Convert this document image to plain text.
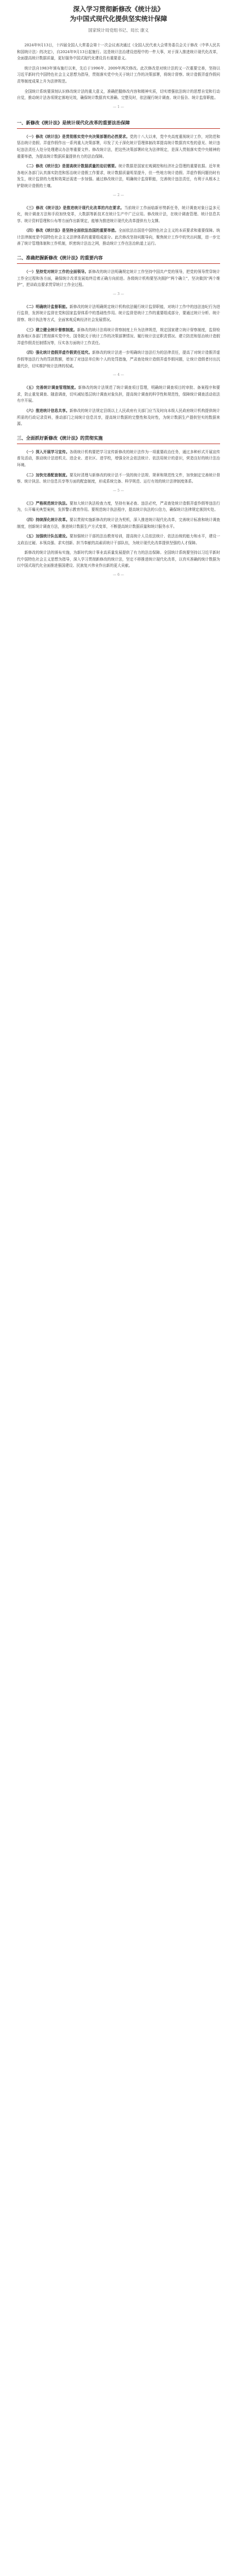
深入学习贯彻新修改《统计法》
为中国式现代化提供坚实统计保障
国家统计局党组书记、局长 康义

2024年9月13日，十四届全国人大常委会第十一次会议表决通过《全国人民代表大会常务委员会关于修改〈中华人民共和国统计法〉的决定》，自2024年9月13日起施行。这是统计法治建设进程中的一件大事，对于深入推进统计现代化改革，全面提高统计数据质量，更好服务中国式现代化建设具有重要意义。

统计法自1983年颁布施行以来，先后于1996年、2009年两次修改。此次修改是对统计法的又一次重要完善，坚持以习近平新时代中国特色社会主义思想为指导，贯彻落实党中央关于统计工作的决策部署，将统计督察、统计造假弄虚作假问责等制度成果上升为法律规范。

全国统计系统要深刻认识修改统计法的重大意义，准确把握修改内容和精神实质，切实增强依法统计的思想自觉和行动自觉，推动统计法各项规定落地见效，确保统计数据真实准确、完整及时，依法履行统计调查、统计报告、统计监督职能。

— 1 —
一、新修改《统计法》是统计现代化改革的重要法治保障

（一）修改《统计法》是贯彻落实党中央决策部署的必然要求。党的十八大以来，党中央高度重视统计工作，对防范和惩治统计造假、弄虚作假作出一系列重大决策部署，印发了关于深化统计管理体制改革提高统计数据真实性的意见、统计违纪违法责任人处分处理建议办法等重要文件。修改统计法，把这些决策部署转化为法律规定，是深入贯彻落实党中央精神的重要举措，为提高统计数据质量提供有力的法治保障。

（二）修改《统计法》是提高统计数据质量的迫切需要。统计数据是国家宏观调控和经济社会管理的重要依据。近年来各地区各部门认真落实防范和惩治统计造假工作要求，统计数据质量明显提升，但一些地方统计造假、弄虚作假问题仍时有发生，统计监督的力度和效果还需进一步加强。通过修改统计法，明确统计监督职能，完善统计违法责任，有利于从根本上铲除统计造假的土壤。

— 2 —

（三）修改《统计法》是推进统计现代化改革的内在要求。当前统计工作面临新形势新任务，统计调查对象日益多元化，统计调查方法和手段加快变革，大数据等新技术在统计生产中广泛应用。修改统计法，在统计调查管理、统计信息共享、统计资料管理和公布等方面作出新规定，能够为推进统计现代化改革提供有力支撑。

（四）修改《统计法》是坚持全面依法治国的重要举措。全面依法治国是中国特色社会主义的本质要求和重要保障。统计法律制度是中国特色社会主义法律体系的重要组成部分。此次修改坚持问题导向，聚焦统计工作中的突出问题，进一步完善了统计管理体制和工作机制，织密统计法治之网，推动统计工作在法治轨道上运行。

二、准确把握新修改《统计法》的重要内容

（一）坚持党对统计工作的全面领导。新修改的统计法明确规定统计工作坚持中国共产党的领导，把党的领导贯穿统计工作全过程和各方面，确保统计改革发展始终沿着正确方向前进。各级统计机构要坚决拥护“两个确立”，坚决做到“两个维护”，把讲政治要求贯穿统计工作全过程。

— 3 —

（二）明确统计监督职能。新修改的统计法明确规定统计机构依法履行统计监督职能，对统计工作中的违法违纪行为进行监督，发挥统计监督在党和国家监督体系中的基础性作用。统计监督是统计工作的重要组成部分，要通过统计分析、统计督察、统计执法等方式，全面客观反映经济社会发展情况。

（三）建立健全统计督察制度。新修改的统计法将统计督察制度上升为法律规范，规定国家建立统计督察制度，监督检查各地区各部门贯彻落实党中央、国务院关于统计工作的决策部署情况、履行统计法定职责情况、建立防范和惩治统计造假弄虚作假责任制情况等，压实各方面统计工作责任。

（四）强化统计造假弄虚作假责任追究。新修改的统计法进一步明确统计违法行为的法律责任，提高了对统计造假弄虚作假等违法行为的罚款数额，增加了对违法单位和个人的处罚措施，严肃查处统计造假弄虚作假问题，让统计造假者付出沉重代价，切实维护统计法律的权威。

— 4 —

（五）完善统计调查管理制度。新修改的统计法规范了统计调查项目管理，明确统计调查项目的审批、备案程序和要求，防止重复调查、随意调查，切实减轻基层统计调查对象负担，提高统计调查的科学性和规范性，保障统计调查活动依法有序开展。

（六）推进统计信息共享。新修改的统计法规定县级以上人民政府有关部门应当及时向本级人民政府统计机构提供统计所需的行政记录资料，推动部门之间统计信息共享，提高统计数据的完整性和及时性，为统计数据生产提供坚实的数据来源。

三、全面抓好新修改《统计法》的贯彻实施

（一）深入开展学习宣传。各级统计机构要把学习宣传新修改的统计法作为一项重要政治任务，通过多种形式开展宣传普及活动，推动统计法进机关、进企业、进社区、进学校，增强全社会依法统计、依法用统计的意识，营造良好的统计法治环境。

（二）加快完善配套制度。要及时清理与新修改的统计法不一致的统计法规、规章和规范性文件，加快制定完善统计督察、统计执法、统计信息共享等方面的配套制度，形成系统完备、科学规范、运行有效的统计法律制度体系。

— 5 —

（三）严格规范统计执法。要加大统计执法检查力度，坚持有案必查、违法必究，严肃查处统计造假弄虚作假等违法行为，公开曝光典型案例，发挥警示教育作用。要规范统计执法程序，提高统计执法的公信力，确保统计法律规定落到实处。

（四）持续深化统计改革。要以贯彻实施新修改的统计法为契机，深入推进统计现代化改革，完善统计标准和统计调查制度，创新统计调查方法，推进统计数据生产方式变革，不断提高统计数据质量和统计服务水平。

（五）加强统计队伍建设。要加强统计干部的法治教育培训，提高统计人员依法统计、依法治统的能力和水平，建设一支政治过硬、本领高强、求实创新、担当奉献的高素质统计干部队伍，为统计现代化改革提供坚强的人才保障。

新修改的统计法的颁布实施，为新时代统计事业高质量发展提供了有力的法治保障。全国统计系统要坚持以习近平新时代中国特色社会主义思想为指导，深入学习贯彻新修改的统计法，坚定不移推进统计现代化改革，以真实准确的统计数据为以中国式现代化全面推进强国建设、民族复兴伟业作出新的更大贡献。

— 6 —
